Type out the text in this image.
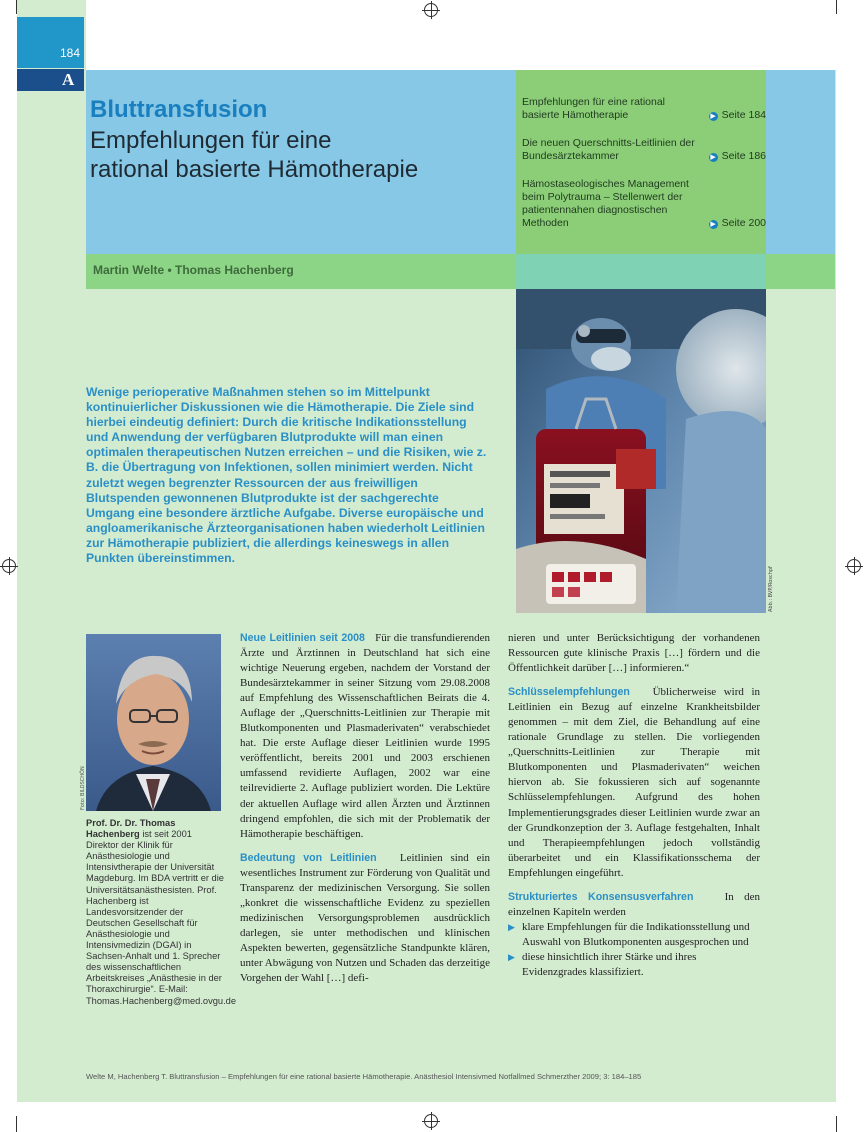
184
A
Bluttransfusion
Empfehlungen für eine
rational basierte Hämotherapie
Empfehlungen für eine rational basierte Hämotherapie	▶ Seite 184
Die neuen Querschnitts-Leitlinien der Bundesärztekammer	▶ Seite 186
Hämostaseologisches Management beim Polytrauma – Stellenwert der patientennahen diagnostischen Methoden	▶ Seite 200
Martin Welte • Thomas Hachenberg
Abb.: BVP/Roschpf
Wenige perioperative Maßnahmen stehen so im Mittelpunkt kontinuierlicher Diskussionen wie die Hämotherapie. Die Ziele sind hierbei eindeutig definiert: Durch die kritische Indikationsstellung und Anwendung der verfügbaren Blutprodukte will man einen optimalen therapeutischen Nutzen erreichen – und die Risiken, wie z. B. die Übertragung von Infektionen, sollen minimiert werden. Nicht zuletzt wegen begrenzter Ressourcen der aus freiwilligen Blutspenden gewonnenen Blutprodukte ist der sachgerechte Umgang eine besondere ärztliche Aufgabe. Diverse europäische und angloamerikanische Ärzteorganisationen haben wiederholt Leitlinien zur Hämotherapie publiziert, die allerdings keineswegs in allen Punkten übereinstimmen.
Foto: BILDSCHÖN
Prof. Dr. Dr. Thomas Hachenberg ist seit 2001 Direktor der Klinik für Anästhesiologie und Intensivtherapie der Universität Magdeburg. Im BDA vertritt er die Universitätsanästhesisten. Prof. Hachenberg ist Landesvorsitzender der Deutschen Gesellschaft für Anästhesiologie und Intensivmedizin (DGAI) in Sachsen-Anhalt und 1. Sprecher des wissenschaftlichen Arbeitskreises „Anästhesie in der Thoraxchirurgie“. E-Mail: Thomas.Hachenberg@med.ovgu.de

Neue Leitlinien seit 2008 Für die transfundierenden Ärzte und Ärztinnen in Deutschland hat sich eine wichtige Neuerung ergeben, nachdem der Vorstand der Bundesärztekammer in seiner Sitzung vom 29.08.2008 auf Empfehlung des Wissenschaftlichen Beirats die 4. Auflage der „Querschnitts-Leitlinien zur Therapie mit Blutkomponenten und Plasmaderivaten“ verabschiedet hat. Die erste Auflage dieser Leitlinien wurde 1995 veröffentlicht, bereits 2001 und 2003 erschienen umfassend revidierte Auflagen, 2002 war eine teilrevidierte 2. Auflage publiziert worden. Die Lektüre der aktuellen Auflage wird allen Ärzten und Ärztinnen dringend empfohlen, die sich mit der Problematik der Hämotherapie beschäftigen.

Bedeutung von Leitlinien Leitlinien sind ein wesentliches Instrument zur Förderung von Qualität und Transparenz der medizinischen Versorgung. Sie sollen „konkret die wissenschaftliche Evidenz zu speziellen medizinischen Versorgungsproblemen ausdrücklich darlegen, sie unter methodischen und klinischen Aspekten bewerten, gegensätzliche Standpunkte klären, unter Abwägung von Nutzen und Schaden das derzeitige Vorgehen der Wahl […] defi-

nieren und unter Berücksichtigung der vorhandenen Ressourcen gute klinische Praxis […] fördern und die Öffentlichkeit darüber […] informieren.“

Schlüsselempfehlungen Üblicherweise wird in Leitlinien ein Bezug auf einzelne Krankheitsbilder genommen – mit dem Ziel, die Behandlung auf eine rationale Grundlage zu stellen. Die vorliegenden „Querschnitts-Leitlinien zur Therapie mit Blutkomponenten und Plasmaderivaten“ weichen hiervon ab. Sie fokussieren sich auf sogenannte Schlüsselempfehlungen. Aufgrund des hohen Implementierungsgrades dieser Leitlinien wurde zwar an der Grundkonzeption der 3. Auflage festgehalten, Inhalt und Therapieempfehlungen jedoch vollständig überarbeitet und ein Klassifikationsschema der Empfehlungen eingeführt.

Strukturiertes Konsensusverfahren	In den einzelnen Kapiteln werden

▶ klare Empfehlungen für die Indikationsstellung und Auswahl von Blutkomponenten ausgesprochen und
▶ diese hinsichtlich ihrer Stärke und ihres Evidenzgrades klassifiziert.
Welte M, Hachenberg T. Bluttransfusion – Empfehlungen für eine rational basierte Hämotherapie. Anästhesiol Intensivmed Notfallmed Schmerzther 2009; 3: 184–185
